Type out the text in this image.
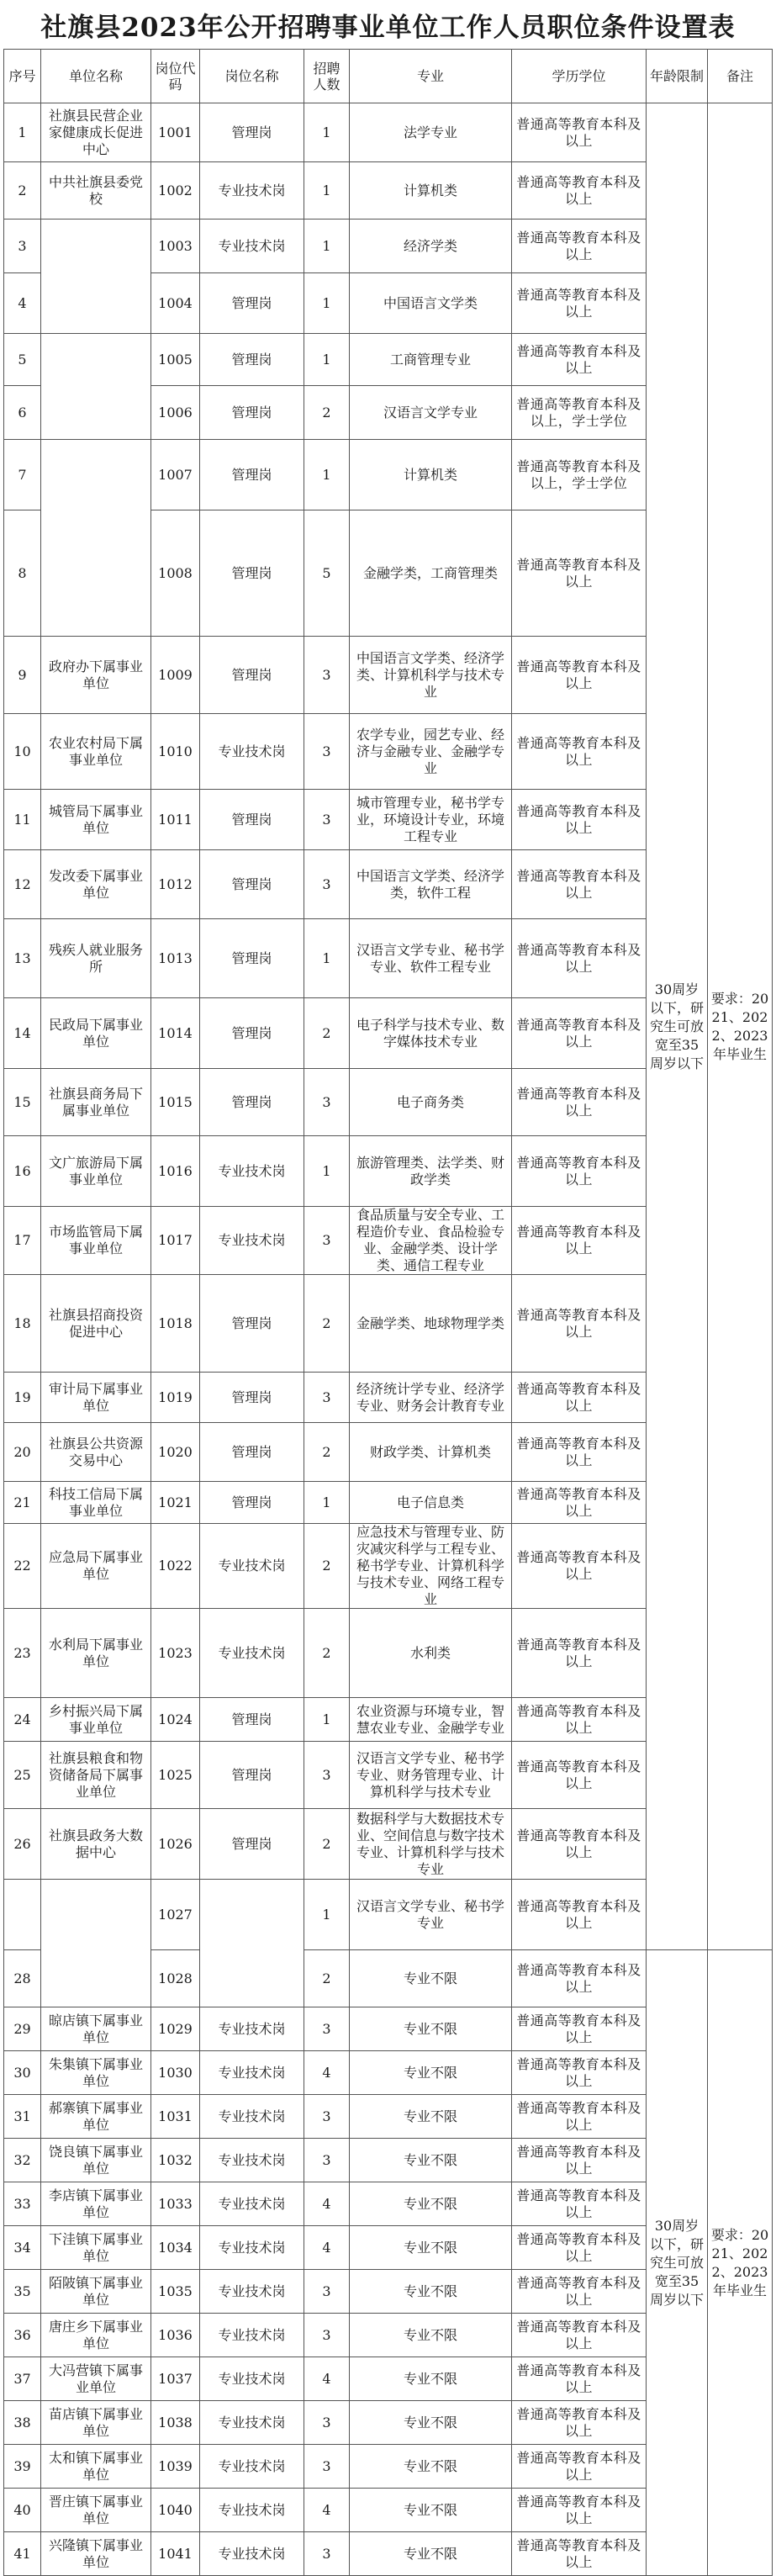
社旗县2023年公开招聘事业单位工作人员职位条件设置表
序号	单位名称	岗位代码	岗位名称	招聘人数	专业	学历学位	年龄限制	备注
1	社旗县民营企业家健康成长促进中心	1001	管理岗	1	法学专业	普通高等教育本科及以上	30周岁以下，研究生可放宽至35周岁以下	要求：2021、2022、2023年毕业生
2	中共社旗县委党校	1002	专业技术岗	1	计算机类	普通高等教育本科及以上		
3		1003	专业技术岗	1	经济学类	普通高等教育本科及以上		
4		1004	管理岗	1	中国语言文学类	普通高等教育本科及以上		
5		1005	管理岗	1	工商管理专业	普通高等教育本科及以上		
6		1006	管理岗	2	汉语言文学专业	普通高等教育本科及以上，学士学位		
7		1007	管理岗	1	计算机类	普通高等教育本科及以上，学士学位		
8		1008	管理岗	5	金融学类，工商管理类	普通高等教育本科及以上		
9	政府办下属事业单位	1009	管理岗	3	中国语言文学类、经济学类、计算机科学与技术专业	普通高等教育本科及以上		
10	农业农村局下属事业单位	1010	专业技术岗	3	农学专业，园艺专业、经济与金融专业、金融学专业	普通高等教育本科及以上		
11	城管局下属事业单位	1011	管理岗	3	城市管理专业，秘书学专业，环境设计专业，环境工程专业	普通高等教育本科及以上		
12	发改委下属事业单位	1012	管理岗	3	中国语言文学类、经济学类，软件工程	普通高等教育本科及以上		
13	残疾人就业服务所	1013	管理岗	1	汉语言文学专业、秘书学专业、软件工程专业	普通高等教育本科及以上		
14	民政局下属事业单位	1014	管理岗	2	电子科学与技术专业、数字媒体技术专业	普通高等教育本科及以上		
15	社旗县商务局下属事业单位	1015	管理岗	3	电子商务类	普通高等教育本科及以上		
16	文广旅游局下属事业单位	1016	专业技术岗	1	旅游管理类、法学类、财政学类	普通高等教育本科及以上		
17	市场监管局下属事业单位	1017	专业技术岗	3	食品质量与安全专业、工程造价专业、食品检验专业、金融学类、设计学类、通信工程专业	普通高等教育本科及以上		
18	社旗县招商投资促进中心	1018	管理岗	2	金融学类、地球物理学类	普通高等教育本科及以上		
19	审计局下属事业单位	1019	管理岗	3	经济统计学专业、经济学专业、财务会计教育专业	普通高等教育本科及以上		
20	社旗县公共资源交易中心	1020	管理岗	2	财政学类、计算机类	普通高等教育本科及以上		
21	科技工信局下属事业单位	1021	管理岗	1	电子信息类	普通高等教育本科及以上		
22	应急局下属事业单位	1022	专业技术岗	2	应急技术与管理专业、防灾减灾科学与工程专业、秘书学专业、计算机科学与技术专业、网络工程专业	普通高等教育本科及以上		
23	水利局下属事业单位	1023	专业技术岗	2	水利类	普通高等教育本科及以上		
24	乡村振兴局下属事业单位	1024	管理岗	1	农业资源与环境专业，智慧农业专业、金融学专业	普通高等教育本科及以上		
25	社旗县粮食和物资储备局下属事业单位	1025	管理岗	3	汉语言文学专业、秘书学专业、财务管理专业、计算机科学与技术专业	普通高等教育本科及以上		
26	社旗县政务大数据中心	1026	管理岗	2	数据科学与大数据技术专业、空间信息与数字技术专业、计算机科学与技术专业	普通高等教育本科及以上		
		1027		1	汉语言文学专业、秘书学专业	普通高等教育本科及以上		
28		1028		2	专业不限	普通高等教育本科及以上	30周岁以下，研究生可放宽至35周岁以下	要求：2021、2022、2023年毕业生
29	晾店镇下属事业单位	1029	专业技术岗	3	专业不限	普通高等教育本科及以上		
30	朱集镇下属事业单位	1030	专业技术岗	4	专业不限	普通高等教育本科及以上		
31	郝寨镇下属事业单位	1031	专业技术岗	3	专业不限	普通高等教育本科及以上		
32	饶良镇下属事业单位	1032	专业技术岗	3	专业不限	普通高等教育本科及以上		
33	李店镇下属事业单位	1033	专业技术岗	4	专业不限	普通高等教育本科及以上		
34	下洼镇下属事业单位	1034	专业技术岗	4	专业不限	普通高等教育本科及以上		
35	陌陂镇下属事业单位	1035	专业技术岗	3	专业不限	普通高等教育本科及以上		
36	唐庄乡下属事业单位	1036	专业技术岗	3	专业不限	普通高等教育本科及以上		
37	大冯营镇下属事业单位	1037	专业技术岗	4	专业不限	普通高等教育本科及以上		
38	苗店镇下属事业单位	1038	专业技术岗	3	专业不限	普通高等教育本科及以上		
39	太和镇下属事业单位	1039	专业技术岗	3	专业不限	普通高等教育本科及以上		
40	晋庄镇下属事业单位	1040	专业技术岗	4	专业不限	普通高等教育本科及以上		
41	兴隆镇下属事业单位	1041	专业技术岗	3	专业不限	普通高等教育本科及以上		
